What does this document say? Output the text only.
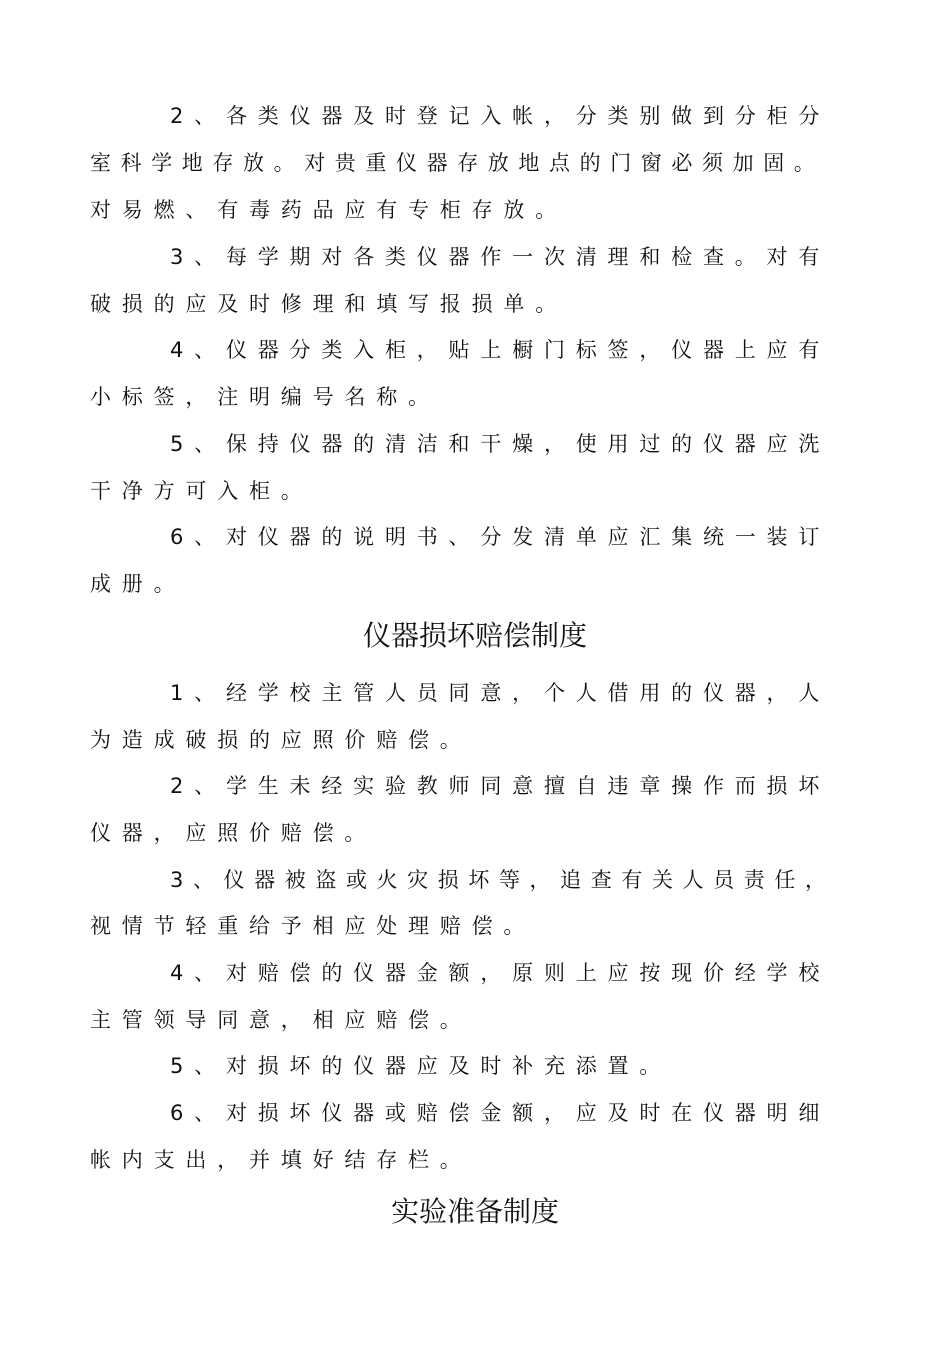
2、各类仪器及时登记入帐，分类别做到分柜分
室科学地存放。对贵重仪器存放地点的门窗必须加固。
对易燃、有毒药品应有专柜存放。
3、每学期对各类仪器作一次清理和检查。对有
破损的应及时修理和填写报损单。
4、仪器分类入柜，贴上橱门标签，仪器上应有
小标签，注明编号名称。
5、保持仪器的清洁和干燥，使用过的仪器应洗
干净方可入柜。
6、对仪器的说明书、分发清单应汇集统一装订
成册。
仪器损坏赔偿制度
1、经学校主管人员同意，个人借用的仪器，人
为造成破损的应照价赔偿。
2、学生未经实验教师同意擅自违章操作而损坏
仪器，应照价赔偿。
3、仪器被盗或火灾损坏等，追查有关人员责任，
视情节轻重给予相应处理赔偿。
4、对赔偿的仪器金额，原则上应按现价经学校
主管领导同意，相应赔偿。
5、对损坏的仪器应及时补充添置。
6、对损坏仪器或赔偿金额，应及时在仪器明细
帐内支出，并填好结存栏。
实验准备制度
